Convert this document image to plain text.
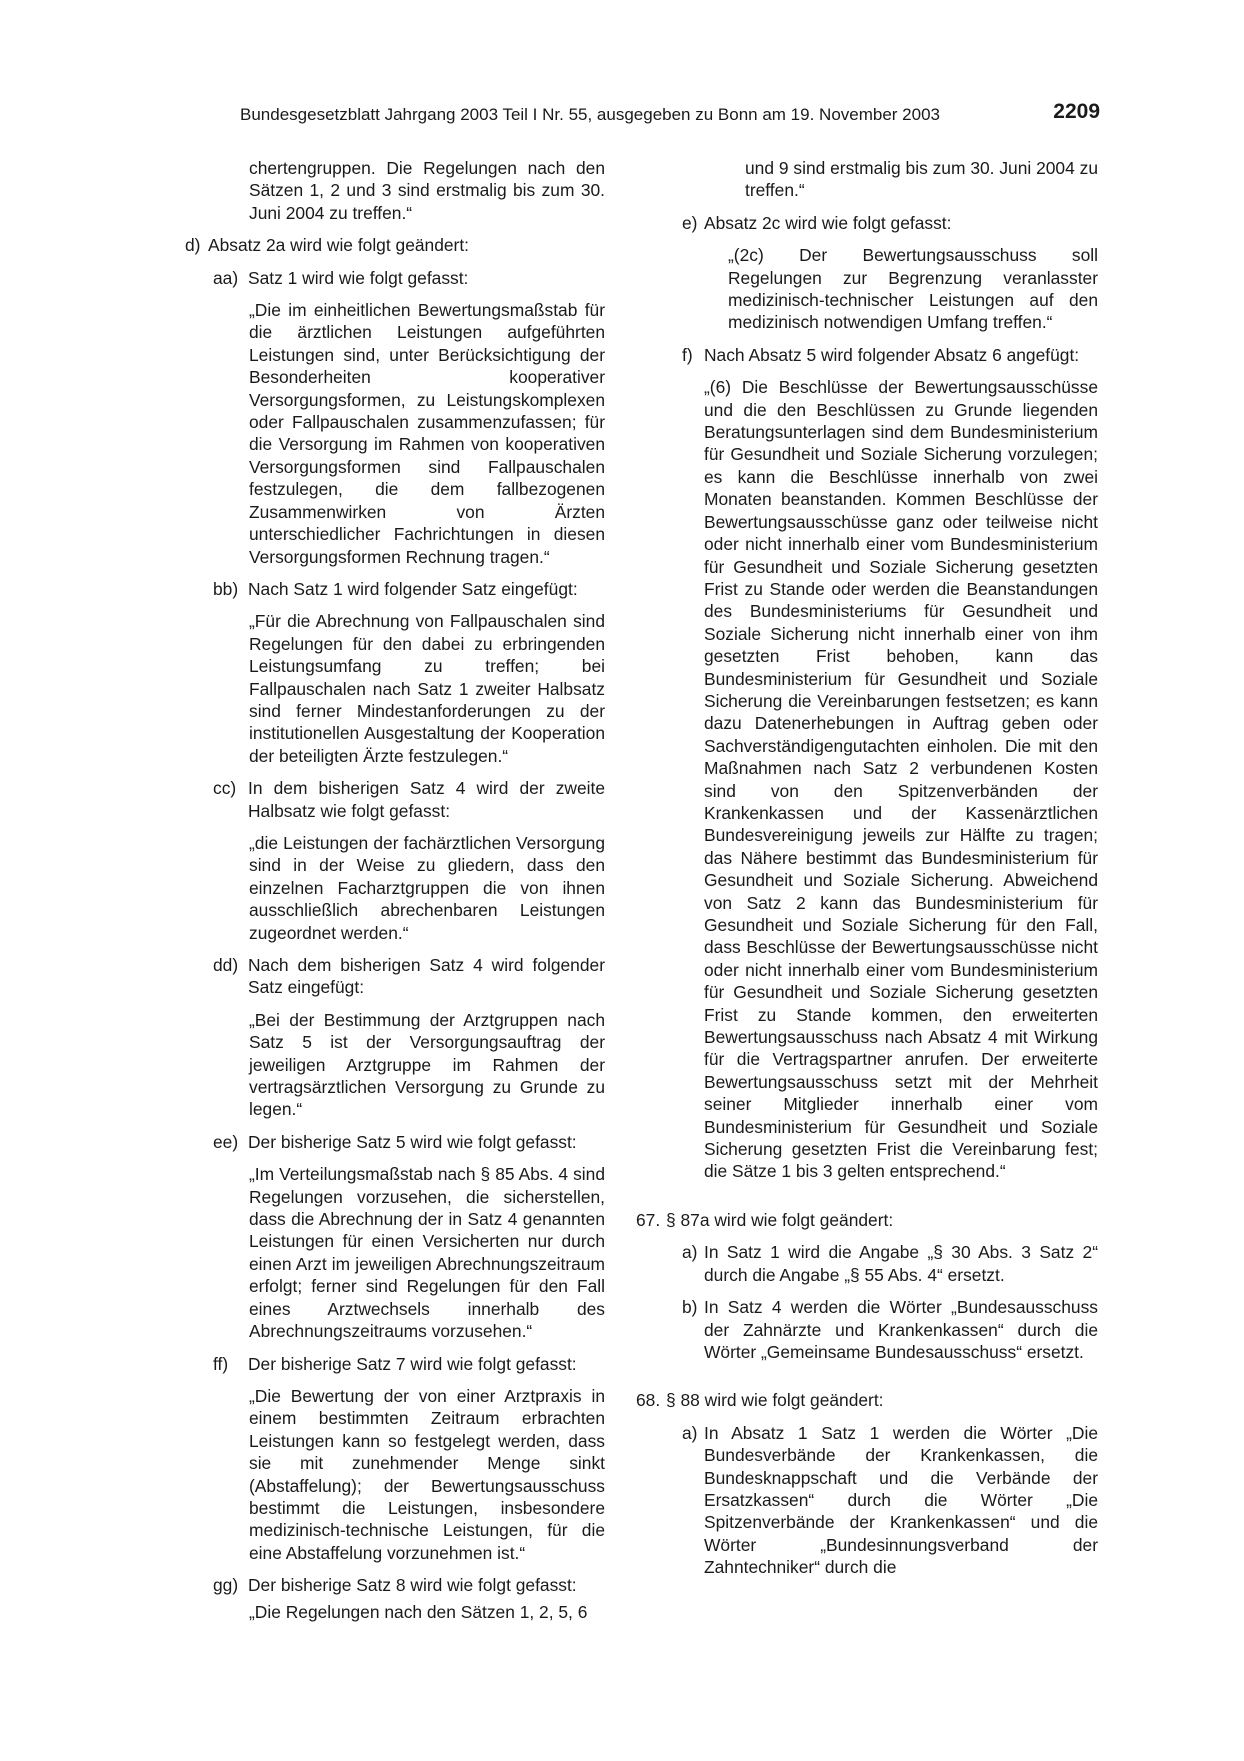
Bundesgesetzblatt Jahrgang 2003 Teil I Nr. 55, ausgegeben zu Bonn am 19. November 2003	2209

chertengruppen. Die Regelungen nach den Sätzen 1, 2 und 3 sind erstmalig bis zum 30. Juni 2004 zu treffen.“

d) Absatz 2a wird wie folgt geändert:
aa) Satz 1 wird wie folgt gefasst:

„Die im einheitlichen Bewertungsmaßstab für die ärztlichen Leistungen aufgeführten Leistungen sind, unter Berücksichtigung der Besonderheiten kooperativer Versorgungsformen, zu Leistungskomplexen oder Fallpauschalen zusammenzufassen; für die Versorgung im Rahmen von kooperativen Versorgungsformen sind Fallpauschalen festzulegen, die dem fallbezogenen Zusammenwirken von Ärzten unterschiedlicher Fachrichtungen in diesen Versorgungsformen Rechnung tragen.“

bb) Nach Satz 1 wird folgender Satz eingefügt:

„Für die Abrechnung von Fallpauschalen sind Regelungen für den dabei zu erbringenden Leistungsumfang zu treffen; bei Fallpauschalen nach Satz 1 zweiter Halbsatz sind ferner Mindestanforderungen zu der institutionellen Ausgestaltung der Kooperation der beteiligten Ärzte festzulegen.“

cc) In dem bisherigen Satz 4 wird der zweite Halbsatz wie folgt gefasst:

„die Leistungen der fachärztlichen Versorgung sind in der Weise zu gliedern, dass den einzelnen Facharztgruppen die von ihnen ausschließlich abrechenbaren Leistungen zugeordnet werden.“

dd) Nach dem bisherigen Satz 4 wird folgender Satz eingefügt:

„Bei der Bestimmung der Arztgruppen nach Satz 5 ist der Versorgungsauftrag der jeweiligen Arztgruppe im Rahmen der vertragsärztlichen Versorgung zu Grunde zu legen.“

ee) Der bisherige Satz 5 wird wie folgt gefasst:

„Im Verteilungsmaßstab nach § 85 Abs. 4 sind Regelungen vorzusehen, die sicherstellen, dass die Abrechnung der in Satz 4 genannten Leistungen für einen Versicherten nur durch einen Arzt im jeweiligen Abrechnungszeitraum erfolgt; ferner sind Regelungen für den Fall eines Arztwechsels innerhalb des Abrechnungszeitraums vorzusehen.“

ff)	Der bisherige Satz 7 wird wie folgt gefasst:

„Die Bewertung der von einer Arztpraxis in einem bestimmten Zeitraum erbrachten Leistungen kann so festgelegt werden, dass sie mit zunehmender Menge sinkt (Abstaffelung); der Bewertungsausschuss bestimmt die Leistungen, insbesondere medizinisch-technische Leistungen, für die eine Abstaffelung vorzunehmen ist.“

gg) Der bisherige Satz 8 wird wie folgt gefasst:

„Die Regelungen nach den Sätzen 1, 2, 5, 6

und 9 sind erstmalig bis zum 30. Juni 2004 zu treffen.“

e) Absatz 2c wird wie folgt gefasst:

„(2c) Der Bewertungsausschuss soll Regelungen zur Begrenzung veranlasster medizinisch-technischer Leistungen auf den medizinisch notwendigen Umfang treffen.“

f) Nach Absatz 5 wird folgender Absatz 6 angefügt:

„(6) Die Beschlüsse der Bewertungsausschüsse und die den Beschlüssen zu Grunde liegenden Beratungsunterlagen sind dem Bundesministerium für Gesundheit und Soziale Sicherung vorzulegen; es kann die Beschlüsse innerhalb von zwei Monaten beanstanden. Kommen Beschlüsse der Bewertungsausschüsse ganz oder teilweise nicht oder nicht innerhalb einer vom Bundesministerium für Gesundheit und Soziale Sicherung gesetzten Frist zu Stande oder werden die Beanstandungen des Bundesministeriums für Gesundheit und Soziale Sicherung nicht innerhalb einer von ihm gesetzten Frist behoben, kann das Bundesministerium für Gesundheit und Soziale Sicherung die Vereinbarungen festsetzen; es kann dazu Datenerhebungen in Auftrag geben oder Sachverständigengutachten einholen. Die mit den Maßnahmen nach Satz 2 verbundenen Kosten sind von den Spitzenverbänden der Krankenkassen und der Kassenärztlichen Bundesvereinigung jeweils zur Hälfte zu tragen; das Nähere bestimmt das Bundesministerium für Gesundheit und Soziale Sicherung. Abweichend von Satz 2 kann das Bundesministerium für Gesundheit und Soziale Sicherung für den Fall, dass Beschlüsse der Bewertungsausschüsse nicht oder nicht innerhalb einer vom Bundesministerium für Gesundheit und Soziale Sicherung gesetzten Frist zu Stande kommen, den erweiterten Bewertungsausschuss nach Absatz 4 mit Wirkung für die Vertragspartner anrufen. Der erweiterte Bewertungsausschuss setzt mit der Mehrheit seiner Mitglieder innerhalb einer vom Bundesministerium für Gesundheit und Soziale Sicherung gesetzten Frist die Vereinbarung fest; die Sätze 1 bis 3 gelten entsprechend.“

67. § 87a wird wie folgt geändert:
a) In Satz 1 wird die Angabe „§ 30 Abs. 3 Satz 2“ durch die Angabe „§ 55 Abs. 4“ ersetzt.
b) In Satz 4 werden die Wörter „Bundesausschuss der Zahnärzte und Krankenkassen“ durch die Wörter „Gemeinsame Bundesausschuss“ ersetzt.
68. § 88 wird wie folgt geändert:
a) In Absatz 1 Satz 1 werden die Wörter „Die Bundesverbände der Krankenkassen, die Bundesknappschaft und die Verbände der Ersatzkassen“ durch die Wörter „Die Spitzenverbände der Krankenkassen“ und die Wörter „Bundesinnungsverband der Zahntechniker“ durch die
